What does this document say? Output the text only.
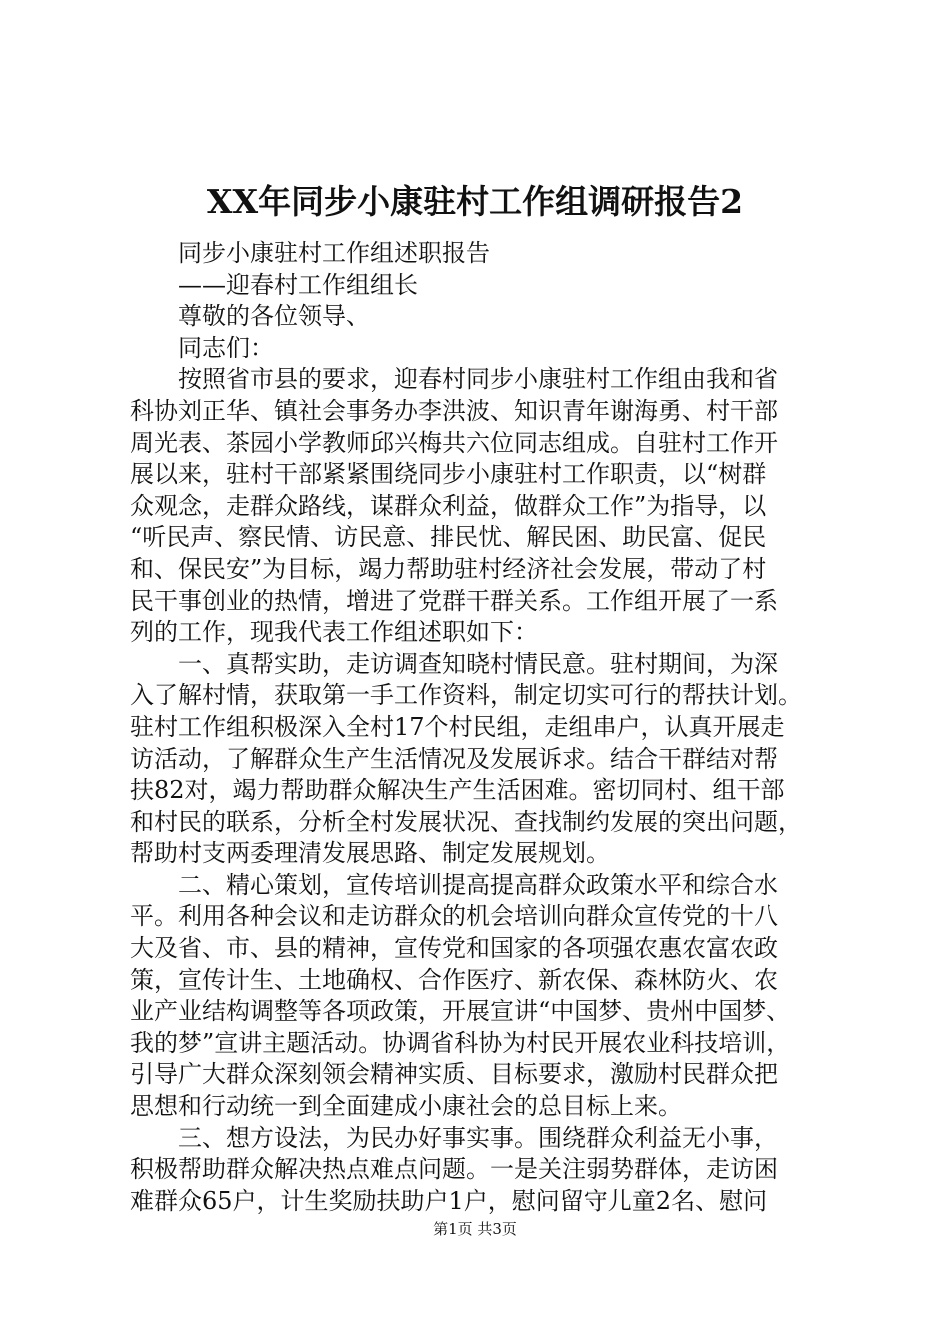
XX年同步小康驻村工作组调研报告2

同步小康驻村工作组述职报告

——迎春村工作组组长

尊敬的各位领导、

同志们：

按照省市县的要求，迎春村同步小康驻村工作组由我和省

科协刘正华、镇社会事务办李洪波、知识青年谢海勇、村干部

周光表、茶园小学教师邱兴梅共六位同志组成。自驻村工作开

展以来，驻村干部紧紧围绕同步小康驻村工作职责，以“树群

众观念，走群众路线，谋群众利益，做群众工作”为指导，以

“听民声、察民情、访民意、排民忧、解民困、助民富、促民

和、保民安”为目标，竭力帮助驻村经济社会发展，带动了村

民干事创业的热情，增进了党群干群关系。工作组开展了一系

列的工作，现我代表工作组述职如下：

一、真帮实助，走访调查知晓村情民意。驻村期间，为深

入了解村情，获取第一手工作资料，制定切实可行的帮扶计划。

驻村工作组积极深入全村17个村民组，走组串户，认真开展走

访活动，了解群众生产生活情况及发展诉求。结合干群结对帮

扶82对，竭力帮助群众解决生产生活困难。密切同村、组干部

和村民的联系，分析全村发展状况、查找制约发展的突出问题，

帮助村支两委理清发展思路、制定发展规划。

二、精心策划，宣传培训提高提高群众政策水平和综合水

平。利用各种会议和走访群众的机会培训向群众宣传党的十八

大及省、市、县的精神，宣传党和国家的各项强农惠农富农政

策，宣传计生、土地确权、合作医疗、新农保、森林防火、农

业产业结构调整等各项政策，开展宣讲“中国梦、贵州中国梦、

我的梦”宣讲主题活动。协调省科协为村民开展农业科技培训，

引导广大群众深刻领会精神实质、目标要求，激励村民群众把

思想和行动统一到全面建成小康社会的总目标上来。

三、想方设法，为民办好事实事。围绕群众利益无小事，

积极帮助群众解决热点难点问题。一是关注弱势群体，走访困

难群众65户，计生奖励扶助户1户，慰问留守儿童2名、慰问

第1页 共3页
